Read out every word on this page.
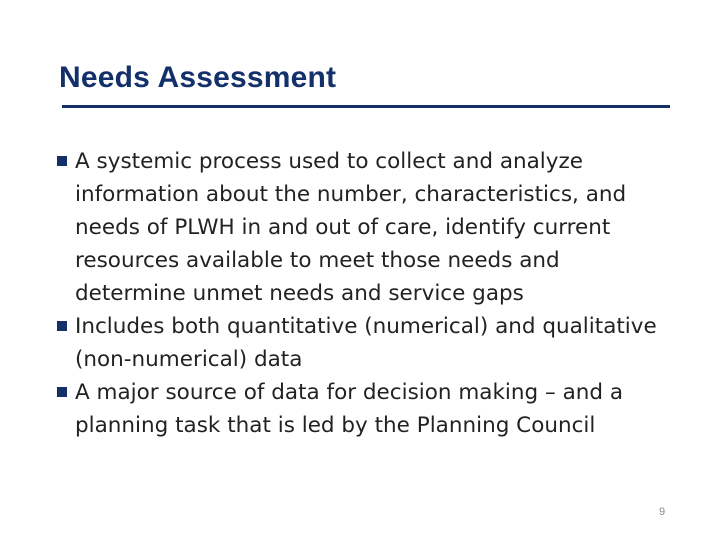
Needs Assessment
A systemic process used to collect and analyze information about the number, characteristics, and needs of PLWH in and out of care, identify current resources available to meet those needs and determine unmet needs and service gaps
Includes both quantitative (numerical) and qualitative (non-numerical) data
A major source of data for decision making – and a planning task that is led by the Planning Council
9
